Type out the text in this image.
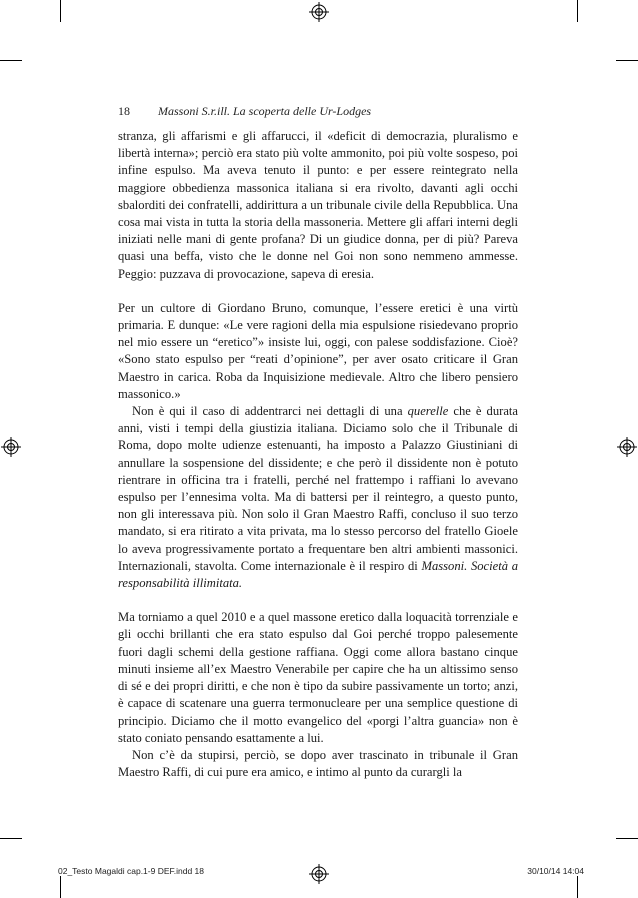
18 Massoni S.r.ill. La scoperta delle Ur-Lodges

stranza, gli affarismi e gli affarucci, il «deficit di democrazia, pluralismo e libertà interna»; perciò era stato più volte ammonito, poi più volte sospeso, poi infine espulso. Ma aveva tenuto il punto: e per essere reintegrato nella maggiore obbedienza massonica italiana si era rivolto, davanti agli occhi sbalorditi dei confratelli, addirittura a un tribunale civile della Repubblica. Una cosa mai vista in tutta la storia della massoneria. Mettere gli affari interni degli iniziati nelle mani di gente profana? Di un giudice donna, per di più? Pareva quasi una beffa, visto che le donne nel Goi non sono nemmeno ammesse. Peggio: puzzava di provocazione, sapeva di eresia.

Per un cultore di Giordano Bruno, comunque, l’essere eretici è una virtù primaria. E dunque: «Le vere ragioni della mia espulsione risiedevano proprio nel mio essere un “eretico”» insiste lui, oggi, con palese soddisfazione. Cioè? «Sono stato espulso per “reati d’opinione”, per aver osato criticare il Gran Maestro in carica. Roba da Inquisizione medievale. Altro che libero pensiero massonico.»

Non è qui il caso di addentrarci nei dettagli di una querelle che è durata anni, visti i tempi della giustizia italiana. Diciamo solo che il Tribunale di Roma, dopo molte udienze estenuanti, ha imposto a Palazzo Giustiniani di annullare la sospensione del dissidente; e che però il dissidente non è potuto rientrare in officina tra i fratelli, perché nel frattempo i raffiani lo avevano espulso per l’ennesima volta. Ma di battersi per il reintegro, a questo punto, non gli interessava più. Non solo il Gran Maestro Raffi, concluso il suo terzo mandato, si era ritirato a vita privata, ma lo stesso percorso del fratello Gioele lo aveva progressivamente portato a frequentare ben altri ambienti massonici. Internazionali, stavolta. Come internazionale è il respiro di Massoni. Società a responsabilità illimitata.

Ma torniamo a quel 2010 e a quel massone eretico dalla loquacità torrenziale e gli occhi brillanti che era stato espulso dal Goi perché troppo palesemente fuori dagli schemi della gestione raffiana. Oggi come allora bastano cinque minuti insieme all’ex Maestro Venerabile per capire che ha un altissimo senso di sé e dei propri diritti, e che non è tipo da subire passivamente un torto; anzi, è capace di scatenare una guerra termonucleare per una semplice questione di principio. Diciamo che il motto evangelico del «porgi l’altra guancia» non è stato coniato pensando esattamente a lui.

Non c’è da stupirsi, perciò, se dopo aver trascinato in tribunale il Gran Maestro Raffi, di cui pure era amico, e intimo al punto da curargli la

02_Testo Magaldi cap.1-9 DEF.indd 18	30/10/14 14:04
